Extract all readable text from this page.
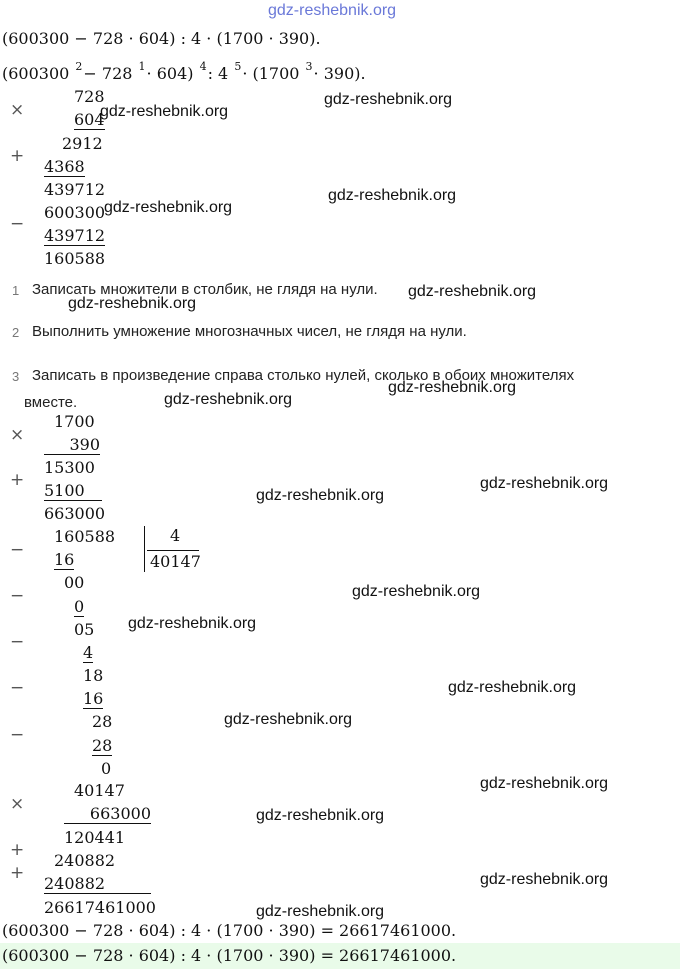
gdz-reshebnik.org
(600300 − 728 · 604) : 4 · (1700 · 390).
(600300 $^2$− 728 $^1$· 604) $^4$: 4 $^5$· (1700 $^3$· 390).
×
728
604
2912
+
4368
439712
600300
−
439712
160588
1 Записать множители в столбик, не глядя на нули.
2 Выполнить умножение многозначных чисел, не глядя на нули.
3 Записать в произведение справа столько нулей, сколько в обоих множителях
вместе.
×
1700
390
15300
+
5100
663000
160588	4
40147
− 16
00
−
0
05
−
4
18
−
16
28
−
28
0
40147
×	663000
120441
+
240882
+
240882
26617461000
(600300 − 728 · 604) : 4 · (1700 · 390) = 26617461000.
(600300 − 728 · 604) : 4 · (1700 · 390) = 26617461000.
gdz-reshebnik.org
gdz-reshebnik.org
gdz-reshebnik.org
gdz-reshebnik.org
gdz-reshebnik.org
gdz-reshebnik.org
gdz-reshebnik.org
gdz-reshebnik.org
gdz-reshebnik.org
gdz-reshebnik.org
gdz-reshebnik.org
gdz-reshebnik.org
gdz-reshebnik.org
gdz-reshebnik.org
gdz-reshebnik.org
gdz-reshebnik.org
gdz-reshebnik.org
gdz-reshebnik.org
